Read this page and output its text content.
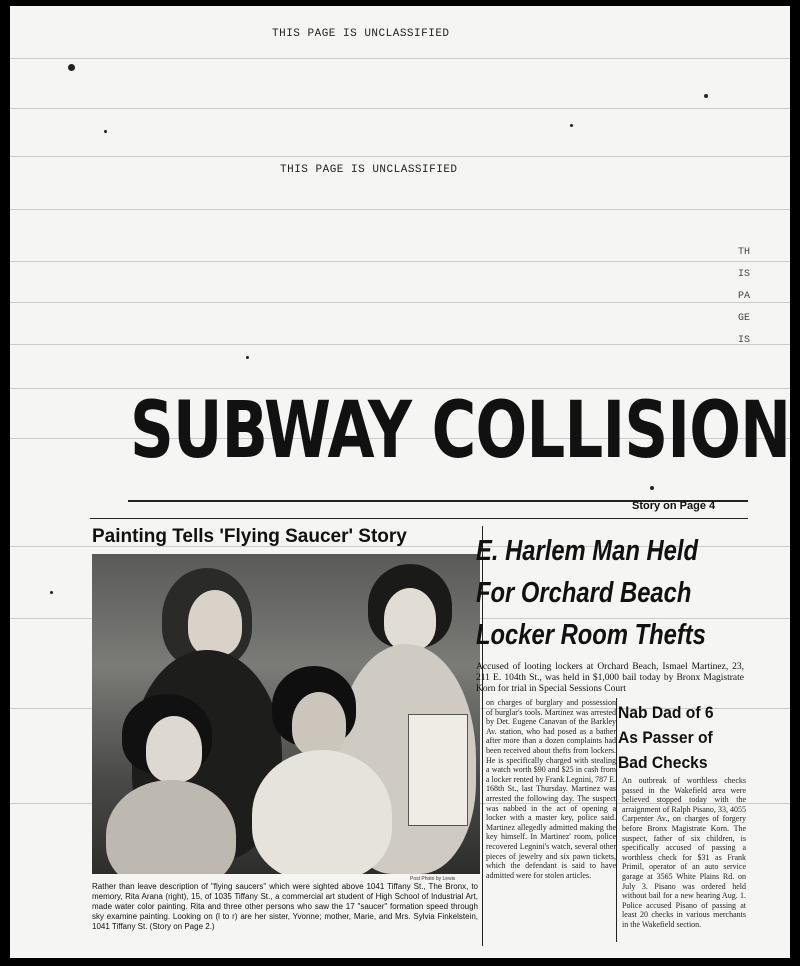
THIS PAGE IS UNCLASSIFIED
THIS PAGE IS UNCLASSIFIED
THIS PAGE IS
SUBWAY COLLISION
Story on Page 4
Painting Tells 'Flying Saucer' Story
Post Photo by Lewis
Rather than leave description of "flying saucers" which were sighted above 1041 Tiffany St., The Bronx, to memory, Rita Arana (right), 15, of 1035 Tiffany St., a commercial art student of High School of Industrial Art, made water color painting. Rita and three other persons who saw the 17 "saucer" formation speed through sky examine painting. Looking on (l to r) are her sister, Yvonne; mother, Marie, and Mrs. Sylvia Finkelstein, 1041 Tiffany St. (Story on Page 2.)
E. Harlem Man Held
For Orchard Beach
Locker Room Thefts
Accused of looting lockers at Orchard Beach, Ismael Martinez, 23, 211 E. 104th St., was held in $1,000 bail today by Bronx Magistrate Korn for trial in Special Sessions Court
on charges of burglary and possession of burglar's tools. Martinez was arrested by Det. Eugene Canavan of the Barkley Av. station, who had posed as a bather after more than a dozen complaints had been received about thefts from lockers. He is specifically charged with stealing a watch worth $90 and $25 in cash from a locker rented by Frank Legnini, 787 E. 168th St., last Thursday. Martinez was arrested the following day. The suspect was nabbed in the act of opening a locker with a master key, police said. Martinez allegedly admitted making the key himself. In Martinez' room, police recovered Legnini's watch, several other pieces of jewelry and six pawn tickets, which the defendant is said to have admitted were for stolen articles.
Nab Dad of 6
As Passer of
Bad Checks
An outbreak of worthless checks passed in the Wakefield area were believed stopped today with the arraignment of Ralph Pisano, 33, 4055 Carpenter Av., on charges of forgery before Bronx Magistrate Korn. The suspect, father of six children, is specifically accused of passing a worthless check for $31 as Frank Primil, operator of an auto service garage at 3565 White Plains Rd. on July 3. Pisano was ordered held without bail for a new hearing Aug. 1. Police accused Pisano of passing at least 20 checks in various merchants in the Wakefield section.
